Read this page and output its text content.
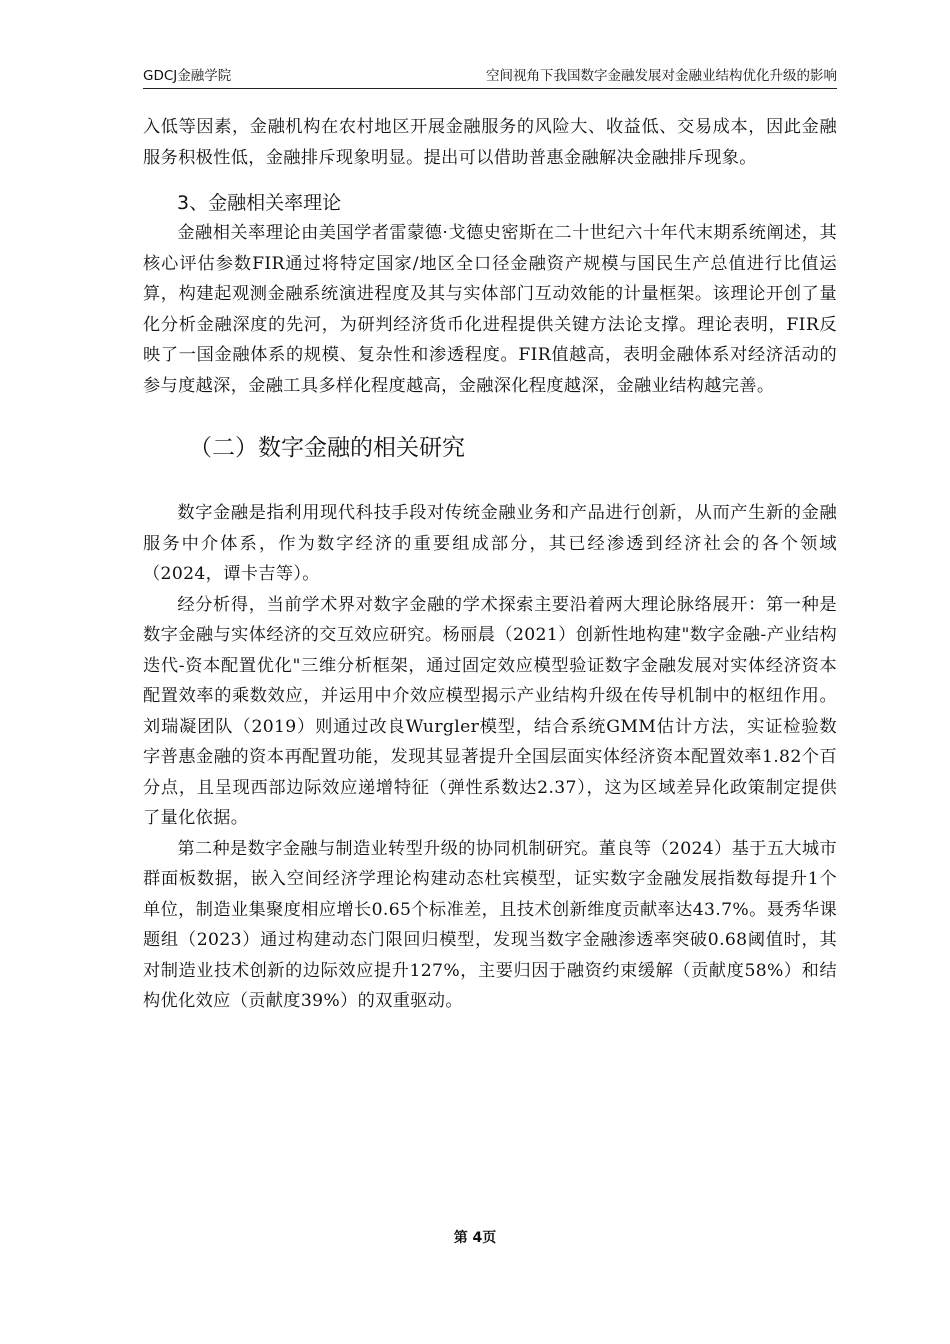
GDCJ金融学院	空间视角下我国数字金融发展对金融业结构优化升级的影响

入低等因素，金融机构在农村地区开展金融服务的风险大、收益低、交易成本，因此金融服务积极性低，金融排斥现象明显。提出可以借助普惠金融解决金融排斥现象。

3、金融相关率理论

金融相关率理论由美国学者雷蒙德·戈德史密斯在二十世纪六十年代末期系统阐述，其核心评估参数FIR通过将特定国家/地区全口径金融资产规模与国民生产总值进行比值运算，构建起观测金融系统演进程度及其与实体部门互动效能的计量框架。该理论开创了量化分析金融深度的先河，为研判经济货币化进程提供关键方法论支撑。理论表明，FIR反映了一国金融体系的规模、复杂性和渗透程度。FIR值越高，表明金融体系对经济活动的参与度越深，金融工具多样化程度越高，金融深化程度越深，金融业结构越完善。

（二）数字金融的相关研究

数字金融是指利用现代科技手段对传统金融业务和产品进行创新，从而产生新的金融服务中介体系，作为数字经济的重要组成部分，其已经渗透到经济社会的各个领域（2024，谭卡吉等）。

经分析得，当前学术界对数字金融的学术探索主要沿着两大理论脉络展开：第一种是数字金融与实体经济的交互效应研究。杨丽晨（2021）创新性地构建"数字金融-产业结构迭代-资本配置优化"三维分析框架，通过固定效应模型验证数字金融发展对实体经济资本配置效率的乘数效应，并运用中介效应模型揭示产业结构升级在传导机制中的枢纽作用。刘瑞凝团队（2019）则通过改良Wurgler模型，结合系统GMM估计方法，实证检验数字普惠金融的资本再配置功能，发现其显著提升全国层面实体经济资本配置效率1.82个百分点，且呈现西部边际效应递增特征（弹性系数达2.37），这为区域差异化政策制定提供了量化依据。

第二种是数字金融与制造业转型升级的协同机制研究。董良等（2024）基于五大城市群面板数据，嵌入空间经济学理论构建动态杜宾模型，证实数字金融发展指数每提升1个单位，制造业集聚度相应增长0.65个标准差，且技术创新维度贡献率达43.7%。聂秀华课题组（2023）通过构建动态门限回归模型，发现当数字金融渗透率突破0.68阈值时，其对制造业技术创新的边际效应提升127%，主要归因于融资约束缓解（贡献度58%）和结构优化效应（贡献度39%）的双重驱动。

第 4页
